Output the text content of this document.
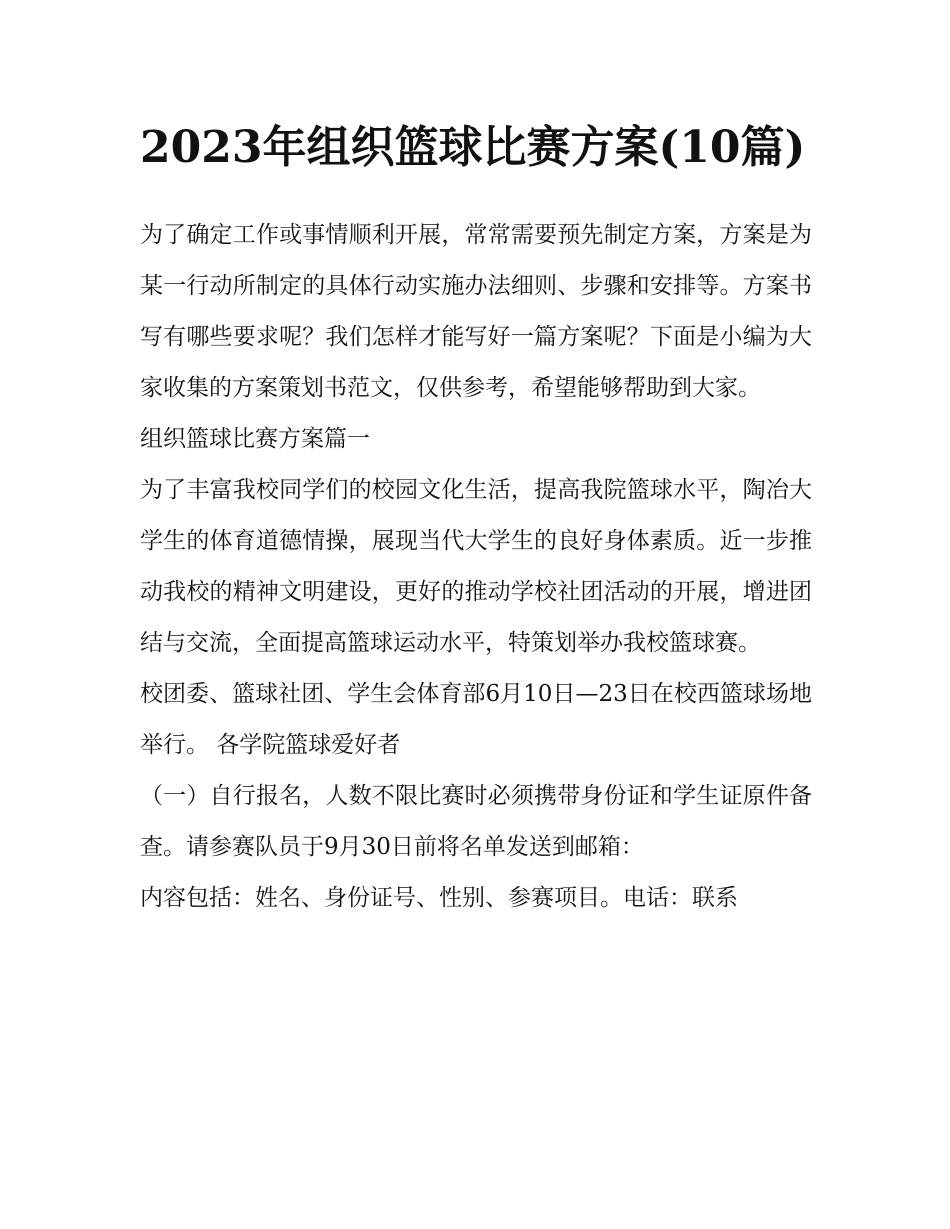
2023年组织篮球比赛方案(10篇)

为了确定工作或事情顺利开展，常常需要预先制定方案，方案是为某一行动所制定的具体行动实施办法细则、步骤和安排等。方案书写有哪些要求呢？我们怎样才能写好一篇方案呢？下面是小编为大家收集的方案策划书范文，仅供参考，希望能够帮助到大家。

组织篮球比赛方案篇一

为了丰富我校同学们的校园文化生活，提高我院篮球水平，陶冶大学生的体育道德情操，展现当代大学生的良好身体素质。近一步推动我校的精神文明建设，更好的推动学校社团活动的开展，增进团结与交流，全面提高篮球运动水平，特策划举办我校篮球赛。

校团委、篮球社团、学生会体育部6月10日—23日在校西篮球场地举行。 各学院篮球爱好者

（一）自行报名，人数不限比赛时必须携带身份证和学生证原件备查。请参赛队员于9月30日前将名单发送到邮箱：

内容包括：姓名、身份证号、性别、参赛项目。电话：联系
